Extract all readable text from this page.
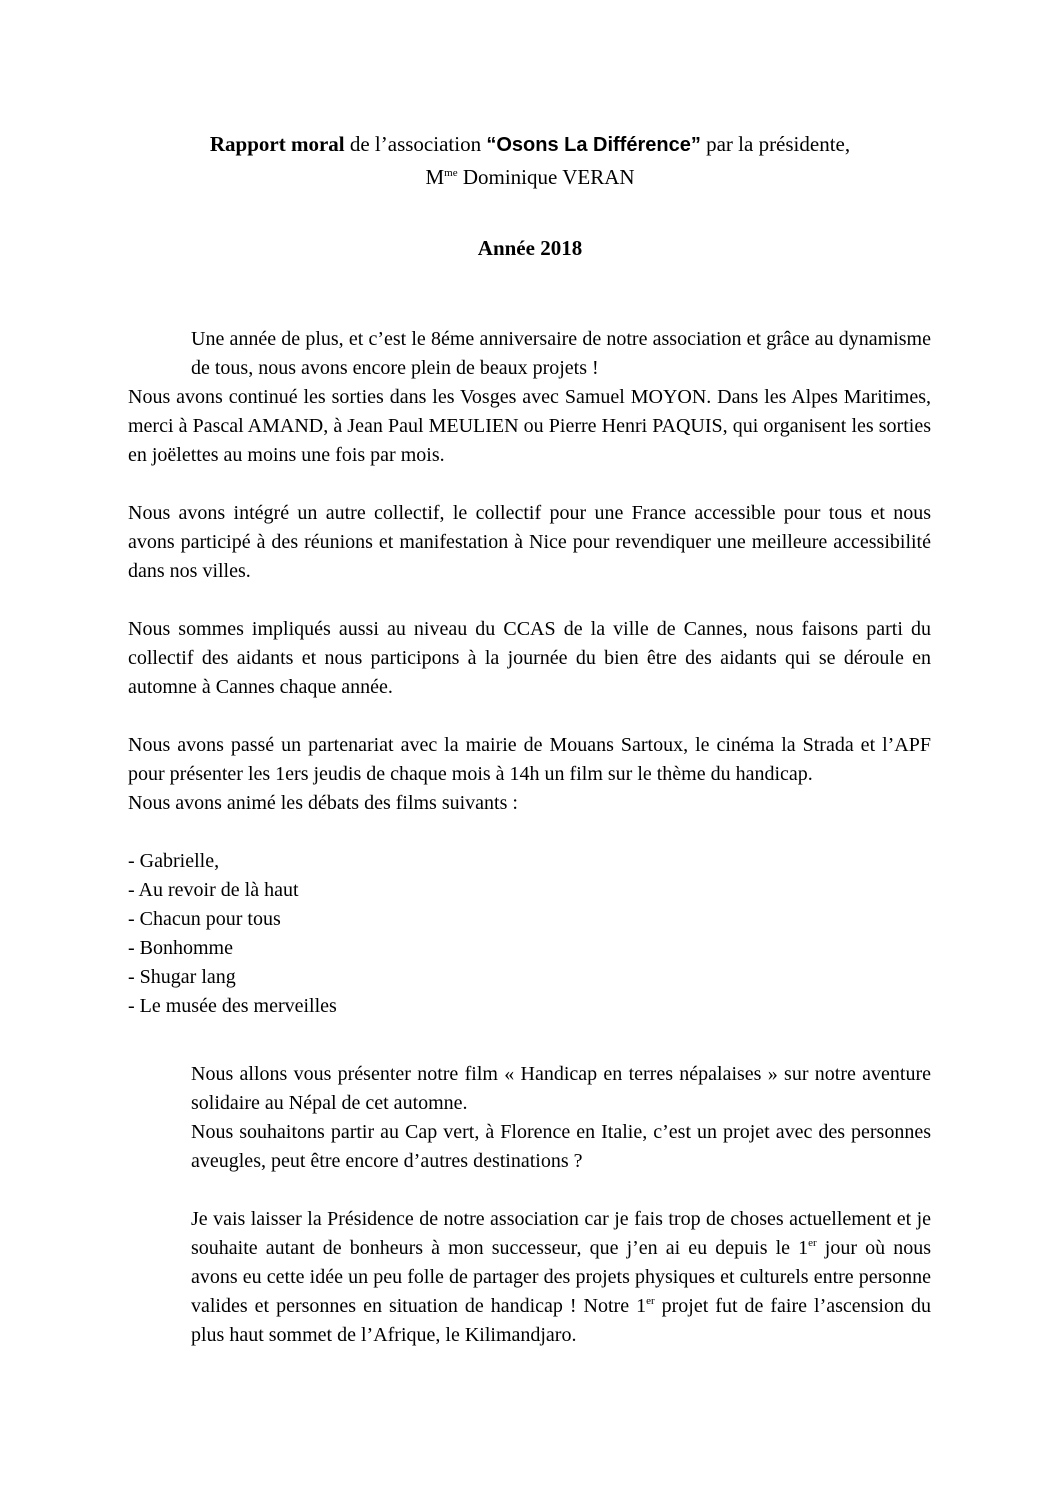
Rapport moral de l’association “Osons La Différence” par la présidente,
$M^{me}$ Dominique VERAN
Année 2018

Une année de plus, et c’est le 8éme anniversaire de notre association et grâce au dynamisme de tous, nous avons encore plein de beaux projets !

Nous avons continué les sorties dans les Vosges avec Samuel MOYON. Dans les Alpes Maritimes, merci à Pascal AMAND, à Jean Paul MEULIEN ou Pierre Henri PAQUIS, qui organisent les sorties en joëlettes au moins une fois par mois.

Nous avons intégré un autre collectif, le collectif pour une France accessible pour tous et nous avons participé à des réunions et manifestation à Nice pour revendiquer une meilleure accessibilité dans nos villes.

Nous sommes impliqués aussi au niveau du CCAS de la ville de Cannes, nous faisons parti du collectif des aidants et nous participons à la journée du bien être des aidants qui se déroule en automne à Cannes chaque année.

Nous avons passé un partenariat avec la mairie de Mouans Sartoux, le cinéma la Strada et l’APF pour présenter les 1ers jeudis de chaque mois à 14h un film sur le thème du handicap.

Nous avons animé les débats des films suivants :

- Gabrielle,

- Au revoir de là haut

- Chacun pour tous

- Bonhomme

- Shugar lang

- Le musée des merveilles

Nous allons vous présenter notre film « Handicap en terres népalaises » sur notre aventure solidaire au Népal de cet automne.

Nous souhaitons partir au Cap vert, à Florence en Italie, c’est un projet avec des personnes aveugles, peut être encore d’autres destinations ?

Je vais laisser la Présidence de notre association car je fais trop de choses actuellement et je souhaite autant de bonheurs à mon successeur, que j’en ai eu depuis le 1er jour où nous avons eu cette idée un peu folle de partager des projets physiques et culturels entre personne valides et personnes en situation de handicap ! Notre 1er projet fut de faire l’ascension du plus haut sommet de l’Afrique, le Kilimandjaro.
